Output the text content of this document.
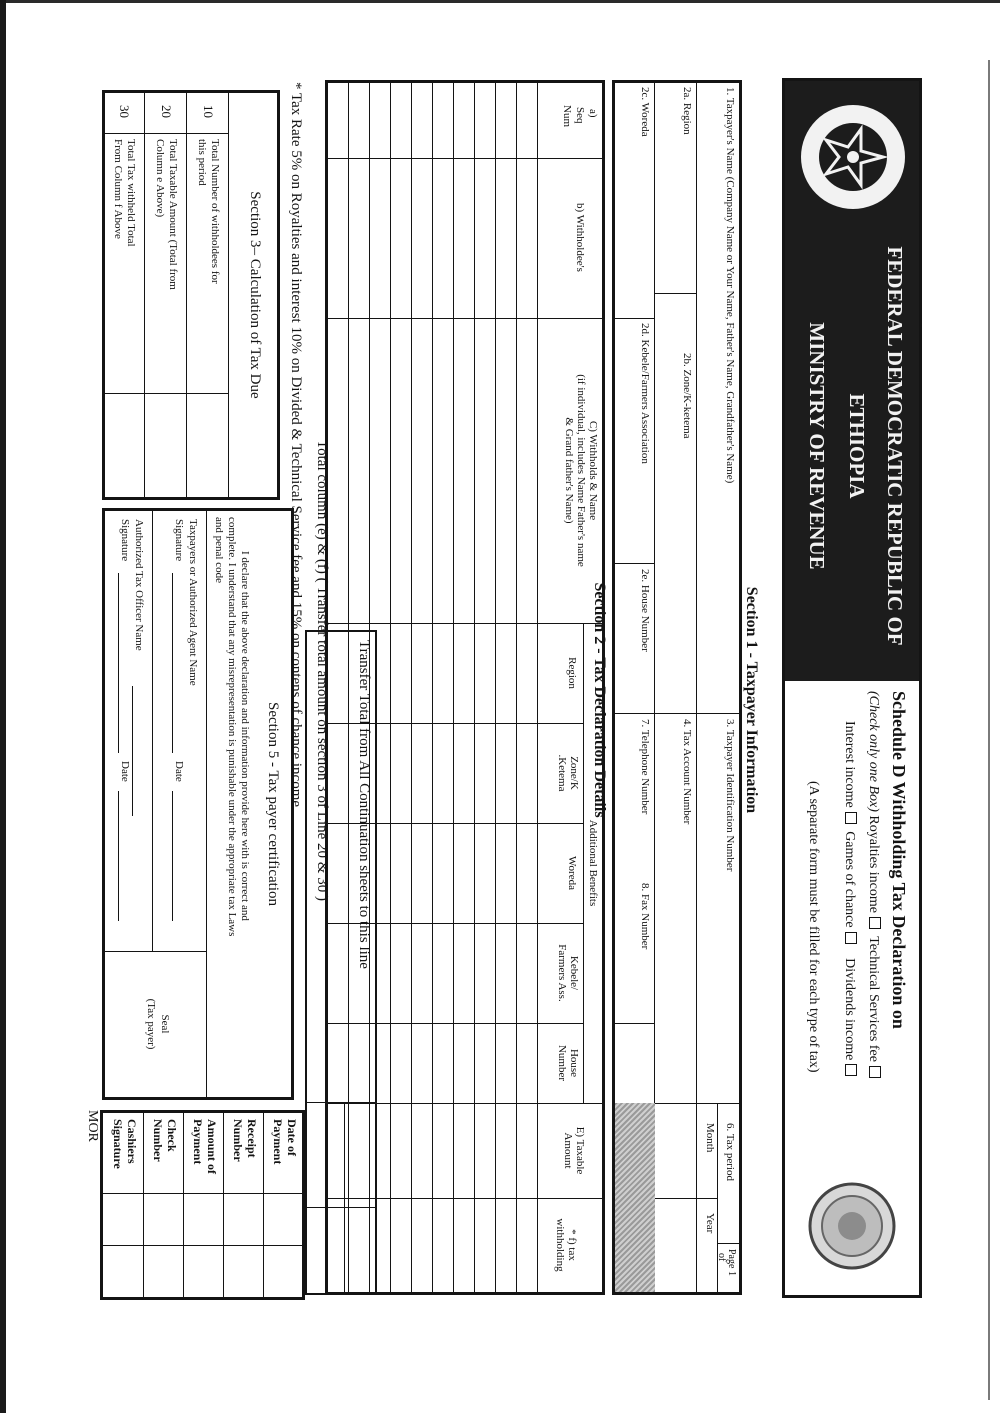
FEDERAL DEMOCRATIC REPUBLIC OF
ETHIOPIA
MINISTRY OF REVENUE
Schedule D Withholding Tax Declaration on
(Check only one Box) Royalties income Technical Services fee
Interest income Games of chance   Dividends income
(A separate form must be filled for each type of tax)
Section 1 - Taxpayer Information
1. Taxpayer's Name (Company Name or Your Name, Father's Name, Grandfather's Name)
3. Taxpayer Identification Number
6. Tax period
Page 1
of
Month
Year
2a. Region
2b. Zone/K-ketema
4. Tax Account Number
2c. Woreda
2d. Kebele/Farmers Association
2e. House Number
7. Telephone Number
8. Fax Number
Section 2 - Tax Declaration Details
a)
Seq
Num
b) Withholdee's
C) Withholds & Name
(if individual, includes Name Father's name
& Grand father's Name)
Additional Benefits
Region
Zone/K
.Ketema
Woreda
Kebele/
Farmers Ass.
House
Number
E) Taxable
Amount
* f) tax
withholding
Transfer Total from All Continuation sheets to this line
Total column (e) & (f) ( Transfer total amount on section 3 of Line 20 & 30 )
* Tax Rate 5% on Royalties and interest 10% on Divided & Technical Service fee and 15% on contens of chance income
Section 3– Calculation of Tax Due
10
Total Number of withholdees for
this period
20
Total Taxable Amount (Total from
Column e Above)
30
Total Tax withheld Total
From Column f Above
Section 5 - Tax payer certification
I declare that the above declaration and information provide here with is correct and
complete. I understand that any misrepresentation is punishable under the appropriate tax Laws
and penal code
Taxpayers or Authorized Agent Name
Signature
Date
Authorized Tax Officer Name
Signature
Date
Seal
(Tax payer)
Date of
Payment
Receipt
Number
Amount of
Payment
Check
Number
Cashiers
Signature
MOR
